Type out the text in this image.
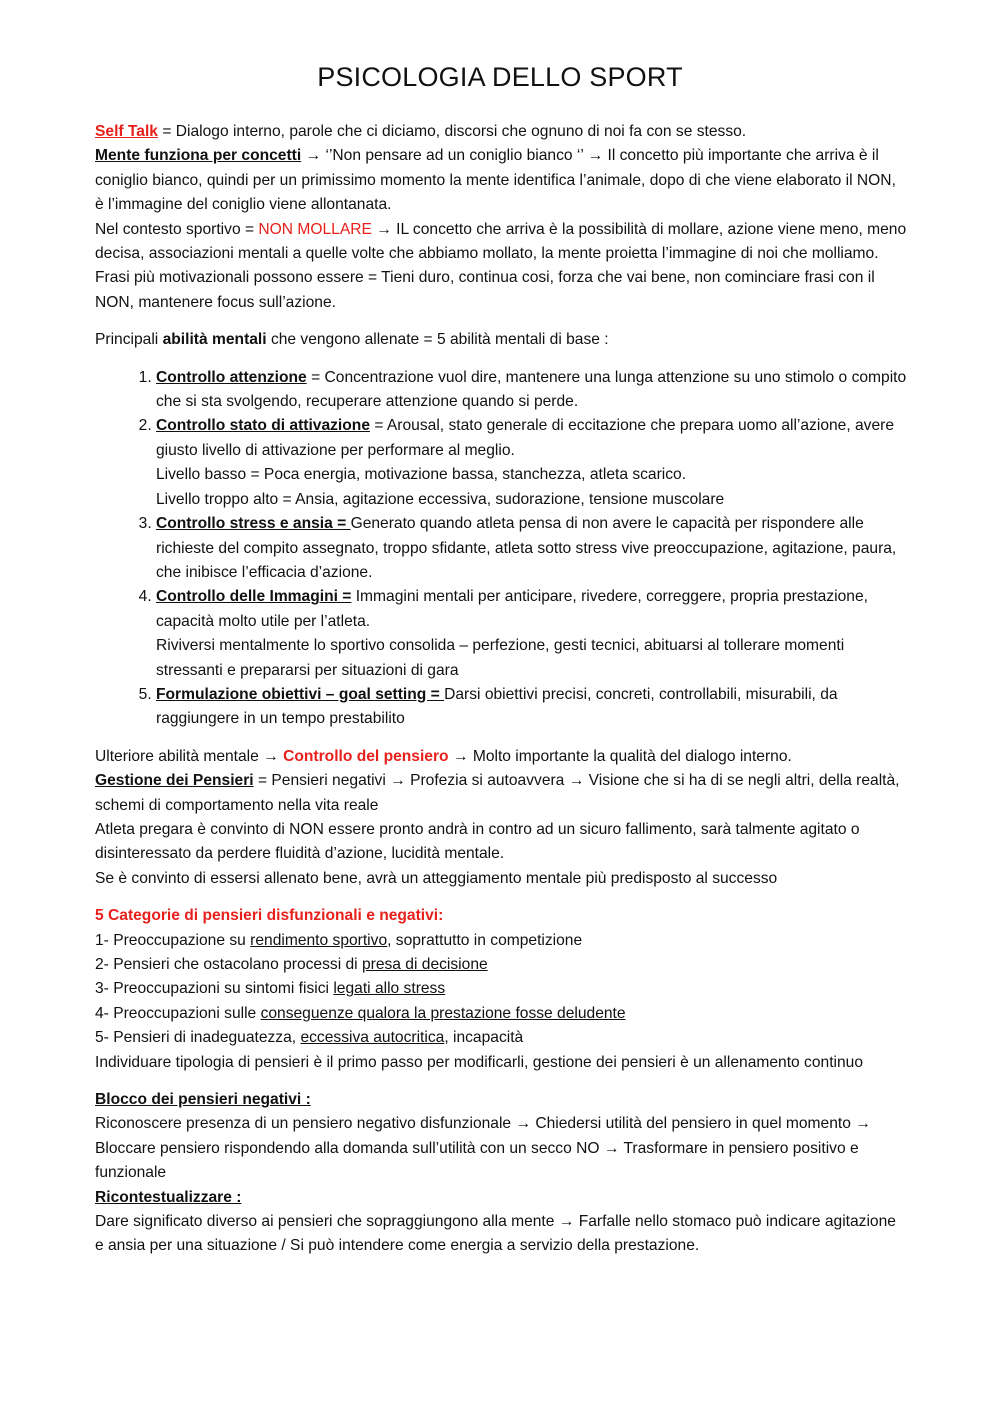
PSICOLOGIA DELLO SPORT

Self Talk = Dialogo interno, parole che ci diciamo, discorsi che ognuno di noi fa con se stesso.

Mente funziona per concetti → ‘’Non pensare ad un coniglio bianco ‘’ → Il concetto più importante che arriva è il coniglio bianco, quindi per un primissimo momento la mente identifica l’animale, dopo di che viene elaborato il NON, è l’immagine del coniglio viene allontanata.

Nel contesto sportivo = NON MOLLARE → IL concetto che arriva è la possibilità di mollare, azione viene meno, meno decisa, associazioni mentali a quelle volte che abbiamo mollato, la mente proietta l’immagine di noi che molliamo.

Frasi più motivazionali possono essere = Tieni duro, continua cosi, forza che vai bene, non cominciare frasi con il NON, mantenere focus sull’azione.

Principali abilità mentali che vengono allenate = 5 abilità mentali di base :

1. Controllo attenzione = Concentrazione vuol dire, mantenere una lunga attenzione su uno stimolo o compito che si sta svolgendo, recuperare attenzione quando si perde.
2. Controllo stato di attivazione = Arousal, stato generale di eccitazione che prepara uomo all’azione, avere giusto livello di attivazione per performare al meglio.
Livello basso = Poca energia, motivazione bassa, stanchezza, atleta scarico.
Livello troppo alto = Ansia, agitazione eccessiva, sudorazione, tensione muscolare
3. Controllo stress e ansia = Generato quando atleta pensa di non avere le capacità per rispondere alle richieste del compito assegnato, troppo sfidante, atleta sotto stress vive preoccupazione, agitazione, paura, che inibisce l’efficacia d’azione.
4. Controllo delle Immagini = Immagini mentali per anticipare, rivedere, correggere, propria prestazione, capacità molto utile per l’atleta.
Riviversi mentalmente lo sportivo consolida – perfezione, gesti tecnici, abituarsi al tollerare momenti stressanti e prepararsi per situazioni di gara
5. Formulazione obiettivi – goal setting = Darsi obiettivi precisi, concreti, controllabili, misurabili, da raggiungere in un tempo prestabilito

Ulteriore abilità mentale → Controllo del pensiero → Molto importante la qualità del dialogo interno.

Gestione dei Pensieri = Pensieri negativi → Profezia si autoavvera → Visione che si ha di se negli altri, della realtà, schemi di comportamento nella vita reale

Atleta pregara è convinto di NON essere pronto andrà in contro ad un sicuro fallimento, sarà talmente agitato o disinteressato da perdere fluidità d’azione, lucidità mentale.

Se è convinto di essersi allenato bene, avrà un atteggiamento mentale più predisposto al successo

5 Categorie di pensieri disfunzionali e negativi:

1- Preoccupazione su rendimento sportivo, soprattutto in competizione

2- Pensieri che ostacolano processi di presa di decisione

3- Preoccupazioni su sintomi fisici legati allo stress

4- Preoccupazioni sulle conseguenze qualora la prestazione fosse deludente

5- Pensieri di inadeguatezza, eccessiva autocritica, incapacità

Individuare tipologia di pensieri è il primo passo per modificarli, gestione dei pensieri è un allenamento continuo

Blocco dei pensieri negativi :

Riconoscere presenza di un pensiero negativo disfunzionale → Chiedersi utilità del pensiero in quel momento → Bloccare pensiero rispondendo alla domanda sull’utilità con un secco NO → Trasformare in pensiero positivo e funzionale

Ricontestualizzare :

Dare significato diverso ai pensieri che sopraggiungono alla mente → Farfalle nello stomaco può indicare agitazione e ansia per una situazione / Si può intendere come energia a servizio della prestazione.
